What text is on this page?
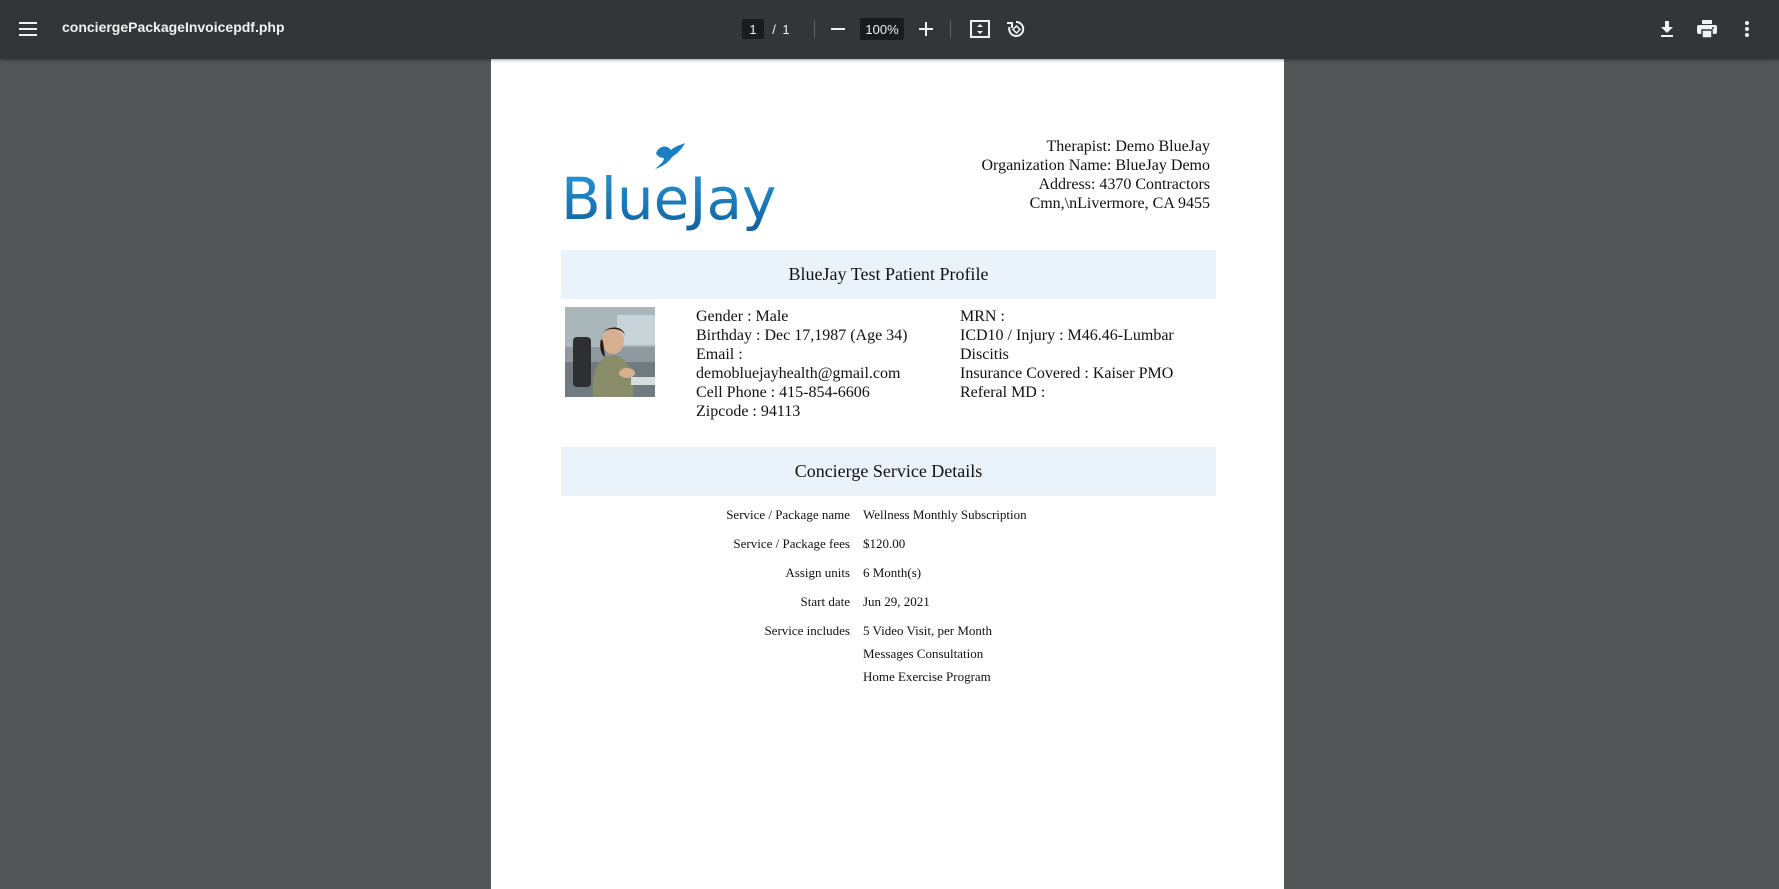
conciergePackageInvoicepdf.php	1	/ 1	100%
BlueJay
Therapist: Demo BlueJay
Organization Name: BlueJay Demo
Address: 4370 Contractors
Cmn,\nLivermore, CA 9455
BlueJay Test Patient Profile
Gender : Male
Birthday : Dec 17,1987 (Age 34)
Email :
demobluejayhealth@gmail.com
Cell Phone : 415-854-6606
Zipcode : 94113
MRN :
ICD10 / Injury : M46.46-Lumbar Discitis
Insurance Covered : Kaiser PMO
Referal MD :
Concierge Service Details
Service / Package name	Wellness Monthly Subscription
Service / Package fees	$120.00
Assign units	6 Month(s)
Start date	Jun 29, 2021
Service includes	5 Video Visit, per Month
Messages Consultation
Home Exercise Program
